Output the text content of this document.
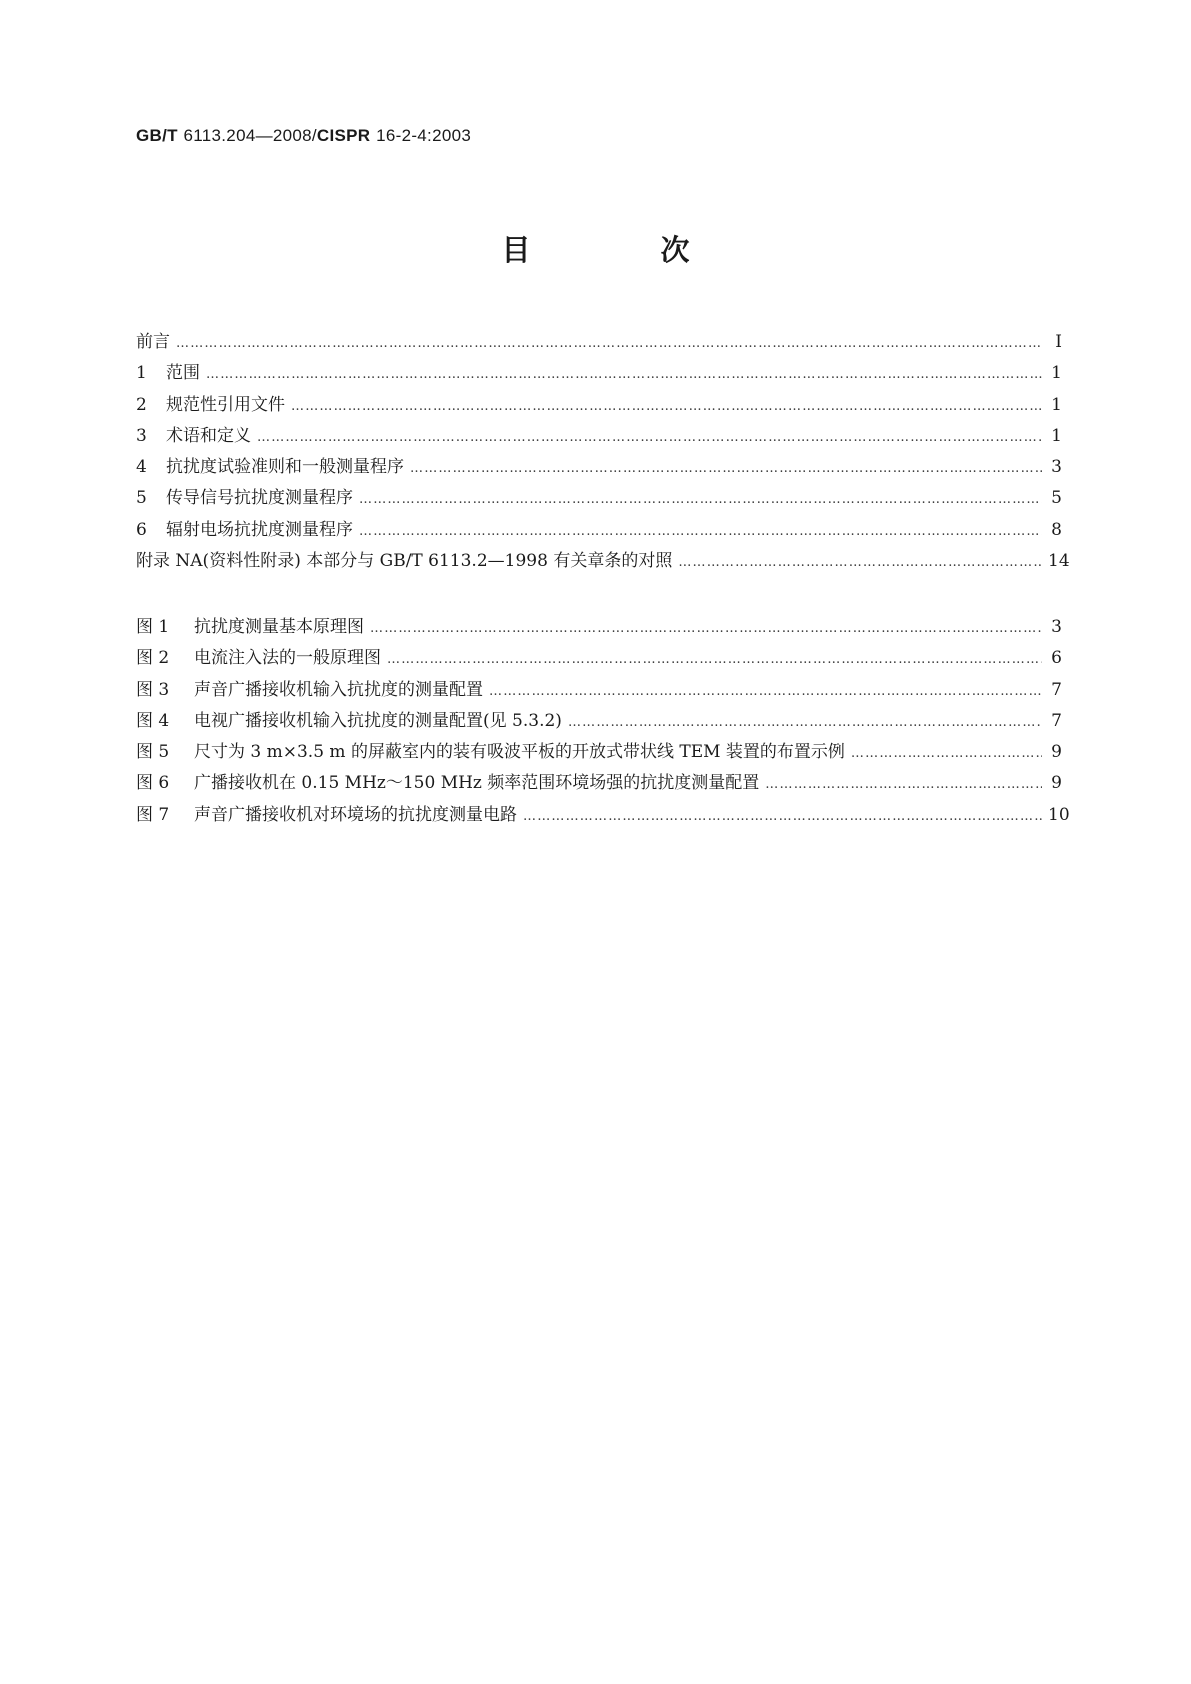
GB/T 6113.204—2008/CISPR 16-2-4:2003
目 次
前言 ……………………………………………………………………………………………………………………………………………………………………………………………………………………………………………	Ⅰ
1	范围 ……………………………………………………………………………………………………………………………………………………………………………………………………………………………………………	1
2	规范性引用文件 ……………………………………………………………………………………………………………………………………………………………………………………………………………………………………………	1
3	术语和定义 ……………………………………………………………………………………………………………………………………………………………………………………………………………………………………………	1
4	抗扰度试验准则和一般测量程序 ……………………………………………………………………………………………………………………………………………………………………………………………………………………………………………	3
5	传导信号抗扰度测量程序 ……………………………………………………………………………………………………………………………………………………………………………………………………………………………………………	5
6	辐射电场抗扰度测量程序 ……………………………………………………………………………………………………………………………………………………………………………………………………………………………………………	8
附录 NA(资料性附录) 本部分与 GB/T 6113.2—1998 有关章条的对照 ……………………………………………………………………………………………………………………………………………………………………………………………………………………………………………	14
图 1	抗扰度测量基本原理图 ……………………………………………………………………………………………………………………………………………………………………………………………………………………………………………	3
图 2	电流注入法的一般原理图 ……………………………………………………………………………………………………………………………………………………………………………………………………………………………………………	6
图 3	声音广播接收机输入抗扰度的测量配置 ……………………………………………………………………………………………………………………………………………………………………………………………………………………………………………	7
图 4	电视广播接收机输入抗扰度的测量配置(见 5.3.2) ……………………………………………………………………………………………………………………………………………………………………………………………………………………………………………	7
图 5	尺寸为 3 m×3.5 m 的屏蔽室内的装有吸波平板的开放式带状线 TEM 装置的布置示例 ……………………………………………………………………………………………………………………………………………………………………………………………………………………………………………	9
图 6	广播接收机在 0.15 MHz～150 MHz 频率范围环境场强的抗扰度测量配置 ……………………………………………………………………………………………………………………………………………………………………………………………………………………………………………	9
图 7	声音广播接收机对环境场的抗扰度测量电路 ……………………………………………………………………………………………………………………………………………………………………………………………………………………………………………	10
